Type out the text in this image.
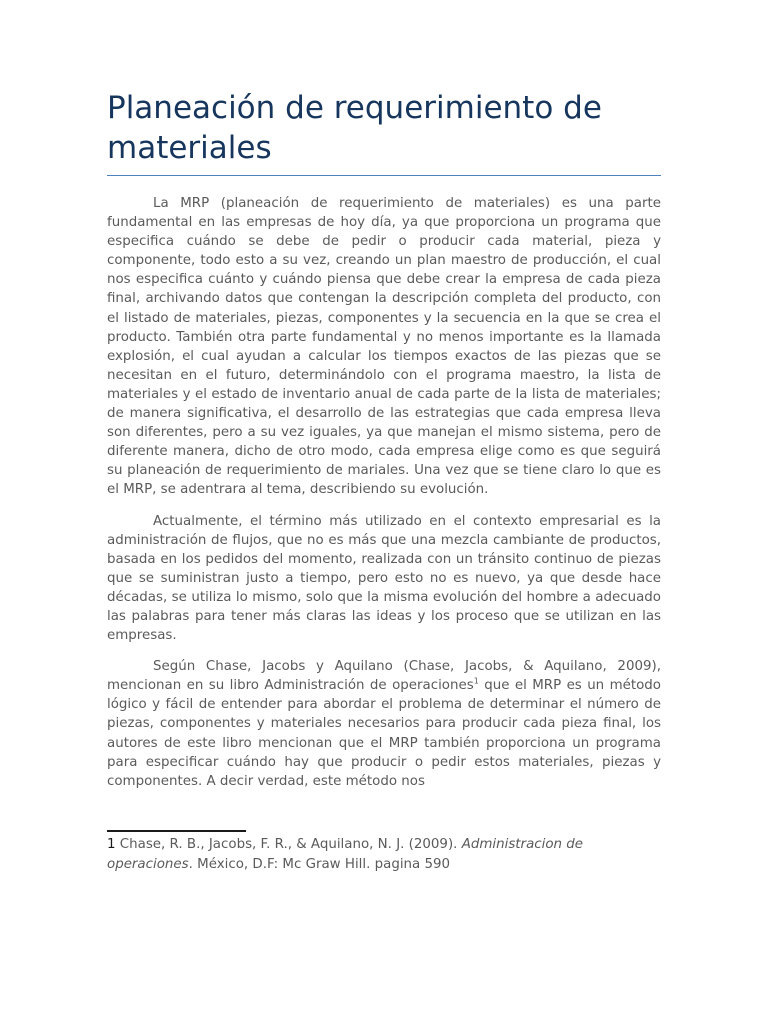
Planeación de requerimiento de materiales

La MRP (planeación de requerimiento de materiales) es una parte fundamental en las empresas de hoy día, ya que proporciona un programa que especifica cuándo se debe de pedir o producir cada material, pieza y componente, todo esto a su vez, creando un plan maestro de producción, el cual nos especifica cuánto y cuándo piensa que debe crear la empresa de cada pieza final, archivando datos que contengan la descripción completa del producto, con el listado de materiales, piezas, componentes y la secuencia en la que se crea el producto. También otra parte fundamental y no menos importante es la llamada explosión, el cual ayudan a calcular los tiempos exactos de las piezas que se necesitan en el futuro, determinándolo con el programa maestro, la lista de materiales y el estado de inventario anual de cada parte de la lista de materiales; de manera significativa, el desarrollo de las estrategias que cada empresa lleva son diferentes, pero a su vez iguales, ya que manejan el mismo sistema, pero de diferente manera, dicho de otro modo, cada empresa elige como es que seguirá su planeación de requerimiento de mariales. Una vez que se tiene claro lo que es el MRP, se adentrara al tema, describiendo su evolución.

Actualmente, el término más utilizado en el contexto empresarial es la administración de flujos, que no es más que una mezcla cambiante de productos, basada en los pedidos del momento, realizada con un tránsito continuo de piezas que se suministran justo a tiempo, pero esto no es nuevo, ya que desde hace décadas, se utiliza lo mismo, solo que la misma evolución del hombre a adecuado las palabras para tener más claras las ideas y los proceso que se utilizan en las empresas.

Según Chase, Jacobs y Aquilano (Chase, Jacobs, & Aquilano, 2009), mencionan en su libro Administración de operaciones$^1$ que el MRP es un método lógico y fácil de entender para abordar el problema de determinar el número de piezas, componentes y materiales necesarios para producir cada pieza final, los autores de este libro mencionan que el MRP también proporciona un programa para especificar cuándo hay que producir o pedir estos materiales, piezas y componentes. A decir verdad, este método nos

1 Chase, R. B., Jacobs, F. R., & Aquilano, N. J. (2009). Administracion de operaciones. México, D.F: Mc Graw Hill. pagina 590
